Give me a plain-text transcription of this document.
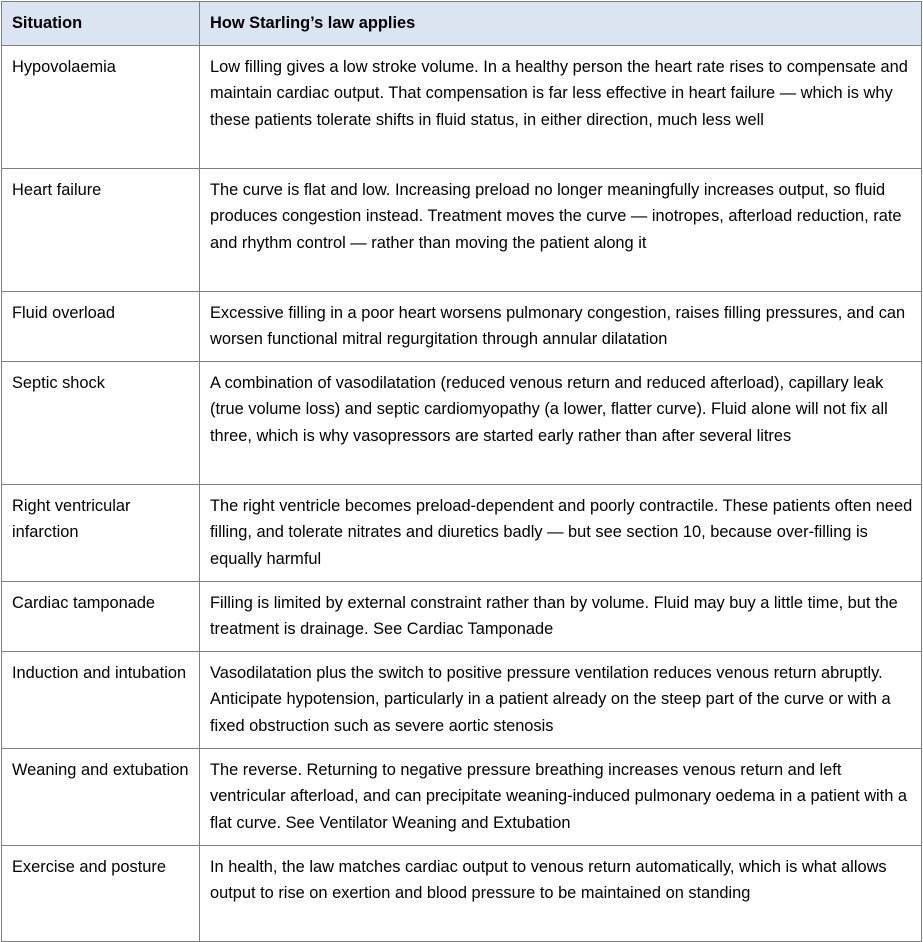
Situation	How Starling’s law applies
Hypovolaemia	Low filling gives a low stroke volume. In a healthy person the heart rate rises to compensate and maintain cardiac output. That compensation is far less effective in heart failure — which is why these patients tolerate shifts in fluid status, in either direction, much less well
Heart failure	The curve is flat and low. Increasing preload no longer meaningfully increases output, so fluid produces congestion instead. Treatment moves the curve — inotropes, afterload reduction, rate and rhythm control — rather than moving the patient along it
Fluid overload	Excessive filling in a poor heart worsens pulmonary congestion, raises filling pressures, and can worsen functional mitral regurgitation through annular dilatation
Septic shock	A combination of vasodilatation (reduced venous return and reduced afterload), capillary leak (true volume loss) and septic cardiomyopathy (a lower, flatter curve). Fluid alone will not fix all three, which is why vasopressors are started early rather than after several litres
Right ventricular infarction	The right ventricle becomes preload-dependent and poorly contractile. These patients often need filling, and tolerate nitrates and diuretics badly — but see section 10, because over-filling is equally harmful
Cardiac tamponade	Filling is limited by external constraint rather than by volume. Fluid may buy a little time, but the treatment is drainage. See Cardiac Tamponade
Induction and intubation	Vasodilatation plus the switch to positive pressure ventilation reduces venous return abruptly. Anticipate hypotension, particularly in a patient already on the steep part of the curve or with a fixed obstruction such as severe aortic stenosis
Weaning and extubation	The reverse. Returning to negative pressure breathing increases venous return and left ventricular afterload, and can precipitate weaning-induced pulmonary oedema in a patient with a flat curve. See Ventilator Weaning and Extubation
Exercise and posture	In health, the law matches cardiac output to venous return automatically, which is what allows output to rise on exertion and blood pressure to be maintained on standing
